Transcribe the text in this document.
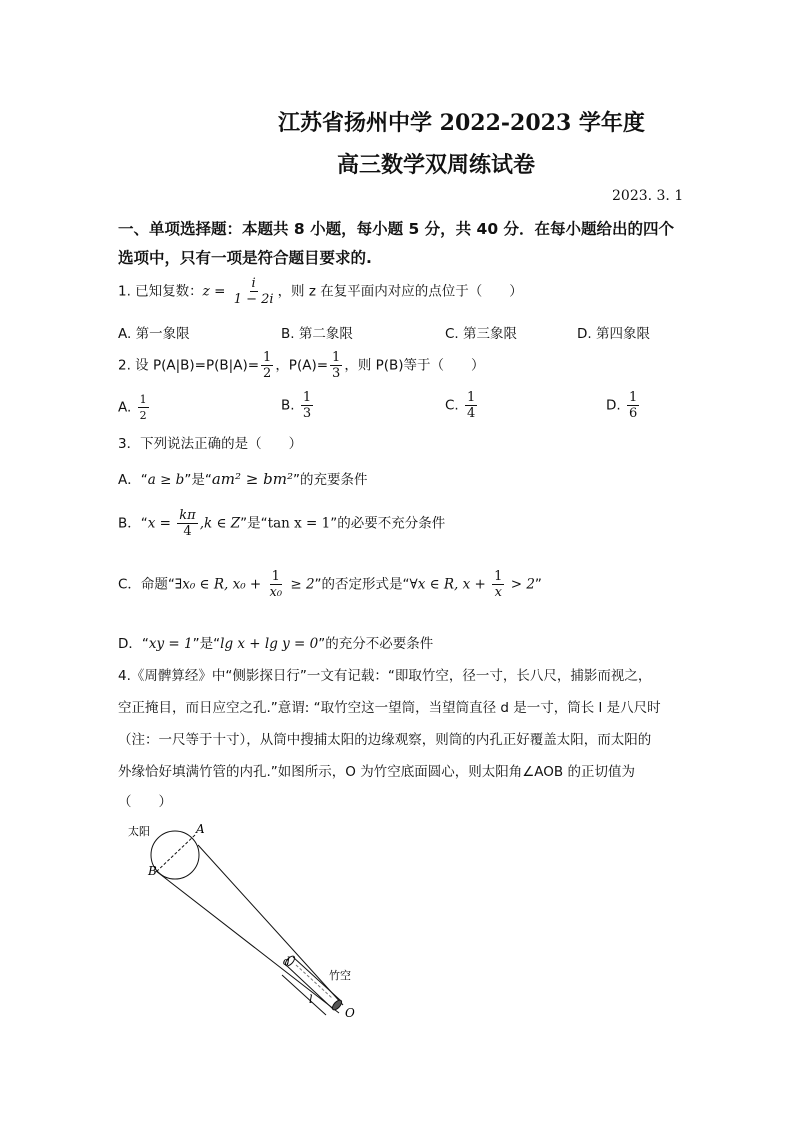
江苏省扬州中学 2022-2023 学年度
高三数学双周练试卷
2023. 3. 1
一、单项选择题：本题共 8 小题，每小题 5 分，共 40 分．在每小题给出的四个
选项中，只有一项是符合题目要求的.
1. 已知复数：$z = \frac{i}{1 - 2i}$ ，则 z 在复平面内对应的点位于（　　）
A. 第一象限	B. 第二象限	C. 第三象限	D. 第四象限
2. 设 $P(A|B)=P(B|A)= \frac{1}{2}$ ，$P(A)= \frac{1}{3}$ ，则 P(B)等于（　　）
A. $\frac{1}{2}$	B. $\frac{1}{3}$	C. $\frac{1}{4}$	D. $\frac{1}{6}$
3．下列说法正确的是（　　）
A．“a ≥ b”是“am² ≥ bm²”的充要条件
B．“$x = \frac{k\pi}{4} ,k$ ∈ Z”是“tan x = 1”的必要不充分条件
C．命题“∃x₀ ∈ R, $x_0 + \frac{1}{\text{x₀}} \ge 2$”的否定形式是“∀x ∈ R, $x + \frac{1}{x} > 2$”
D．“xy = 1”是“lg x + lg y = 0”的充分不必要条件
4.《周髀算经》中“侧影探日行”一文有记载：“即取竹空，径一寸，长八尺，捕影而视之，
空正掩目，而日应空之孔.”意谓: “取竹空这一望筒，当望筒直径 d 是一寸，筒长 l 是八尺时
（注：一尺等于十寸），从筒中搜捕太阳的边缘观察，则筒的内孔正好覆盖太阳，而太阳的
外缘恰好填满竹管的内孔.”如图所示，O 为竹空底面圆心，则太阳角∠AOB 的正切值为
（　　）
太阳	A
B
d
竹空
l
O
